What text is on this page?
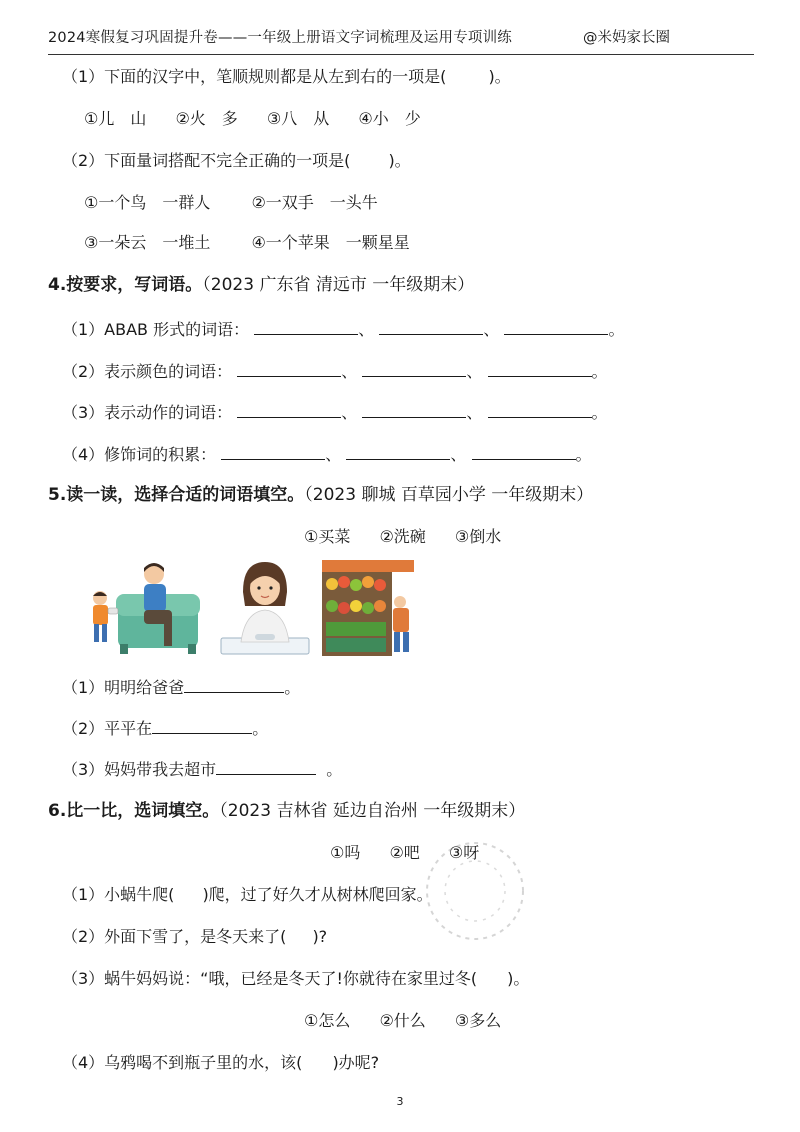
2024寒假复习巩固提升卷——一年级上册语文字词梳理及运用专项训练	@米妈家长圈
（1）下面的汉字中，笔顺规则都是从左到右的一项是(	)。
①儿　山 ②火　多 ③八　从 ④小　少
（2）下面量词搭配不完全正确的一项是( )。
①一个鸟　一群人	②一双手　一头牛
③一朵云　一堆土	④一个苹果　一颗星星
4.按要求，写词语。（2023 广东省 清远市 一年级期末）
（1）ABAB 形式的词语：	、	、	。
（2）表示颜色的词语：	、	、	。
（3）表示动作的词语：	、	、	。
（4）修饰词的积累：	、	、	。
5.读一读，选择合适的词语填空。（2023 聊城 百草园小学 一年级期末）
①买菜 ②洗碗 ③倒水
（1）明明给爸爸	。
（2）平平在	。
（3）妈妈带我去超市	。
6.比一比，选词填空。（2023 吉林省 延边自治州 一年级期末）
①吗 ②吧 ③呀
（1）小蜗牛爬( )爬，过了好久才从树林爬回家。
（2）外面下雪了，是冬天来了( )?
（3）蜗牛妈妈说：“哦，已经是冬天了!你就待在家里过冬( )。
①怎么 ②什么 ③多么
（4）乌鸦喝不到瓶子里的水，该( )办呢?
3
